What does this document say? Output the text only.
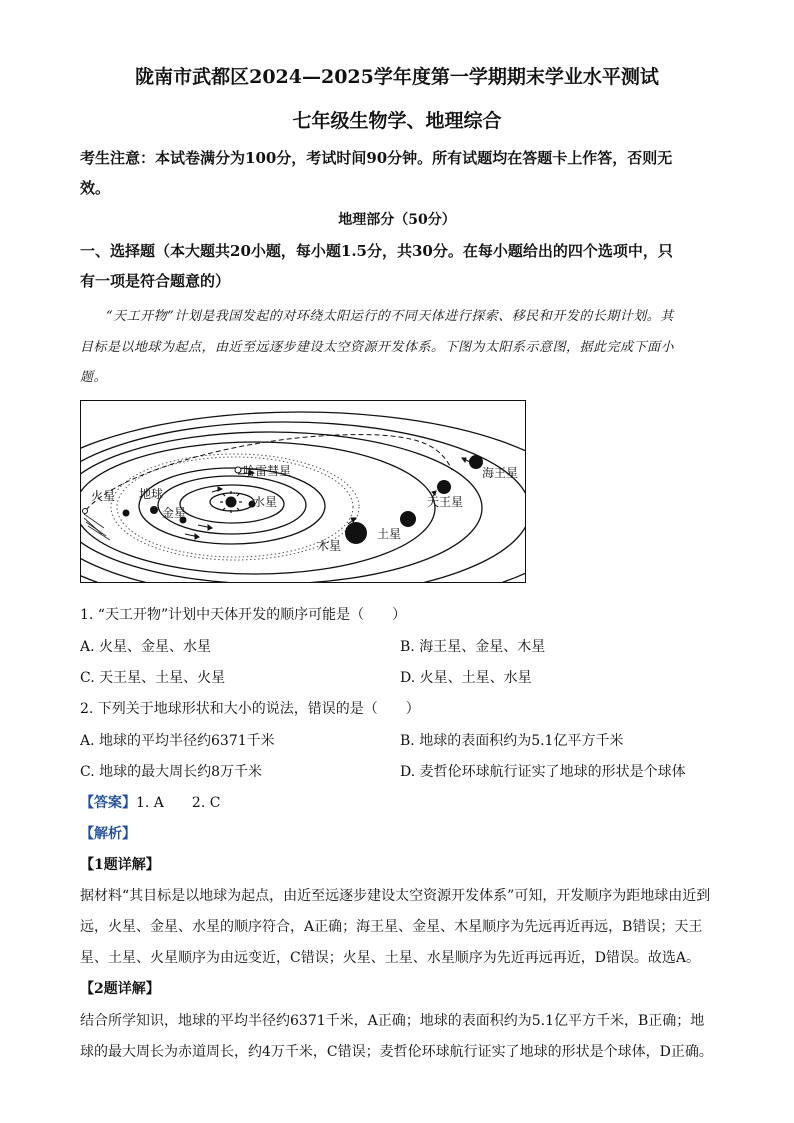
陇南市武都区2024—2025学年度第一学期期末学业水平测试
七年级生物学、地理综合
考生注意：本试卷满分为100分，考试时间90分钟。所有试题均在答题卡上作答，否则无
效。
地理部分（50分）
一、选择题（本大题共20小题，每小题1.5分，共30分。在每小题给出的四个选项中，只
有一项是符合题意的）
“天工开物”计划是我国发起的对环绕太阳运行的不同天体进行探索、移民和开发的长期计划。其
目标是以地球为起点，由近至远逐步建设太空资源开发体系。下图为太阳系示意图，据此完成下面小
题。
哈雷彗星
火星 地球
金星
水星
木星
土星
天王星
海王星
1. “天工开物”计划中天体开发的顺序可能是（　　）
A. 火星、金星、水星	B. 海王星、金星、木星
C. 天王星、土星、火星	D. 火星、土星、水星
2. 下列关于地球形状和大小的说法，错误的是（　　）
A. 地球的平均半径约6371千米	B. 地球的表面积约为5.1亿平方千米
C. 地球的最大周长约8万千米	D. 麦哲伦环球航行证实了地球的形状是个球体
【答案】1. A　　2. C
【解析】
【1题详解】
据材料“其目标是以地球为起点，由近至远逐步建设太空资源开发体系”可知，开发顺序为距地球由近到
远，火星、金星、水星的顺序符合，A正确；海王星、金星、木星顺序为先远再近再远，B错误；天王
星、土星、火星顺序为由远变近，C错误；火星、土星、水星顺序为先近再远再近，D错误。故选A。
【2题详解】
结合所学知识，地球的平均半径约6371千米，A正确；地球的表面积约为5.1亿平方千米，B正确；地
球的最大周长为赤道周长，约4万千米，C错误；麦哲伦环球航行证实了地球的形状是个球体，D正确。
